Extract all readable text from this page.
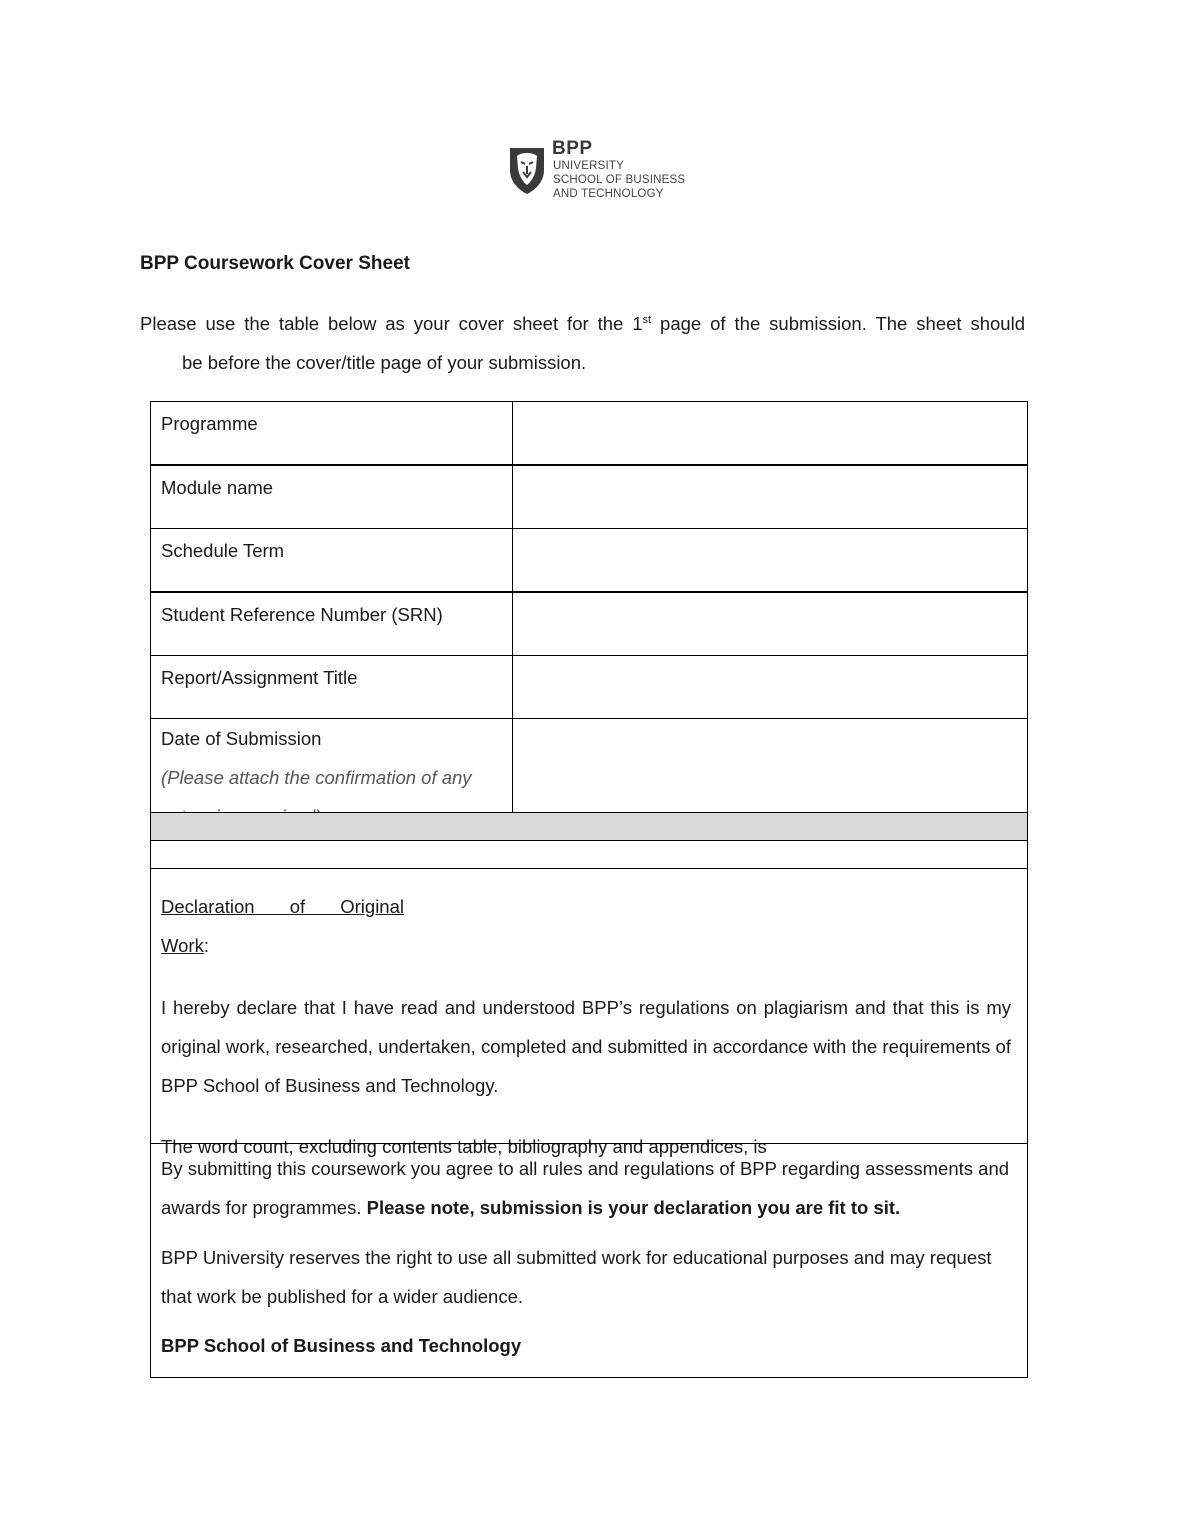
BPP
UNIVERSITY
SCHOOL OF BUSINESS
AND TECHNOLOGY
BPP Coursework Cover Sheet
Please use the table below as your cover sheet for the 1st page of the submission. The sheet should
be before the cover/title page of your submission.
Programme
Module name
Schedule Term
Student Reference Number (SRN)
Report/Assignment Title
Date of Submission
(Please attach the confirmation of any
Declaration of Original
Work:
I hereby declare that I have read and understood BPP’s regulations on plagiarism and that this is my original work, researched, undertaken, completed and submitted in accordance with the requirements of BPP School of Business and Technology.
The word count, excluding contents table, bibliography and appendices, is
By submitting this coursework you agree to all rules and regulations of BPP regarding assessments and awards for programmes. Please note, submission is your declaration you are fit to sit.
BPP University reserves the right to use all submitted work for educational purposes and may request that work be published for a wider audience.
BPP School of Business and Technology
